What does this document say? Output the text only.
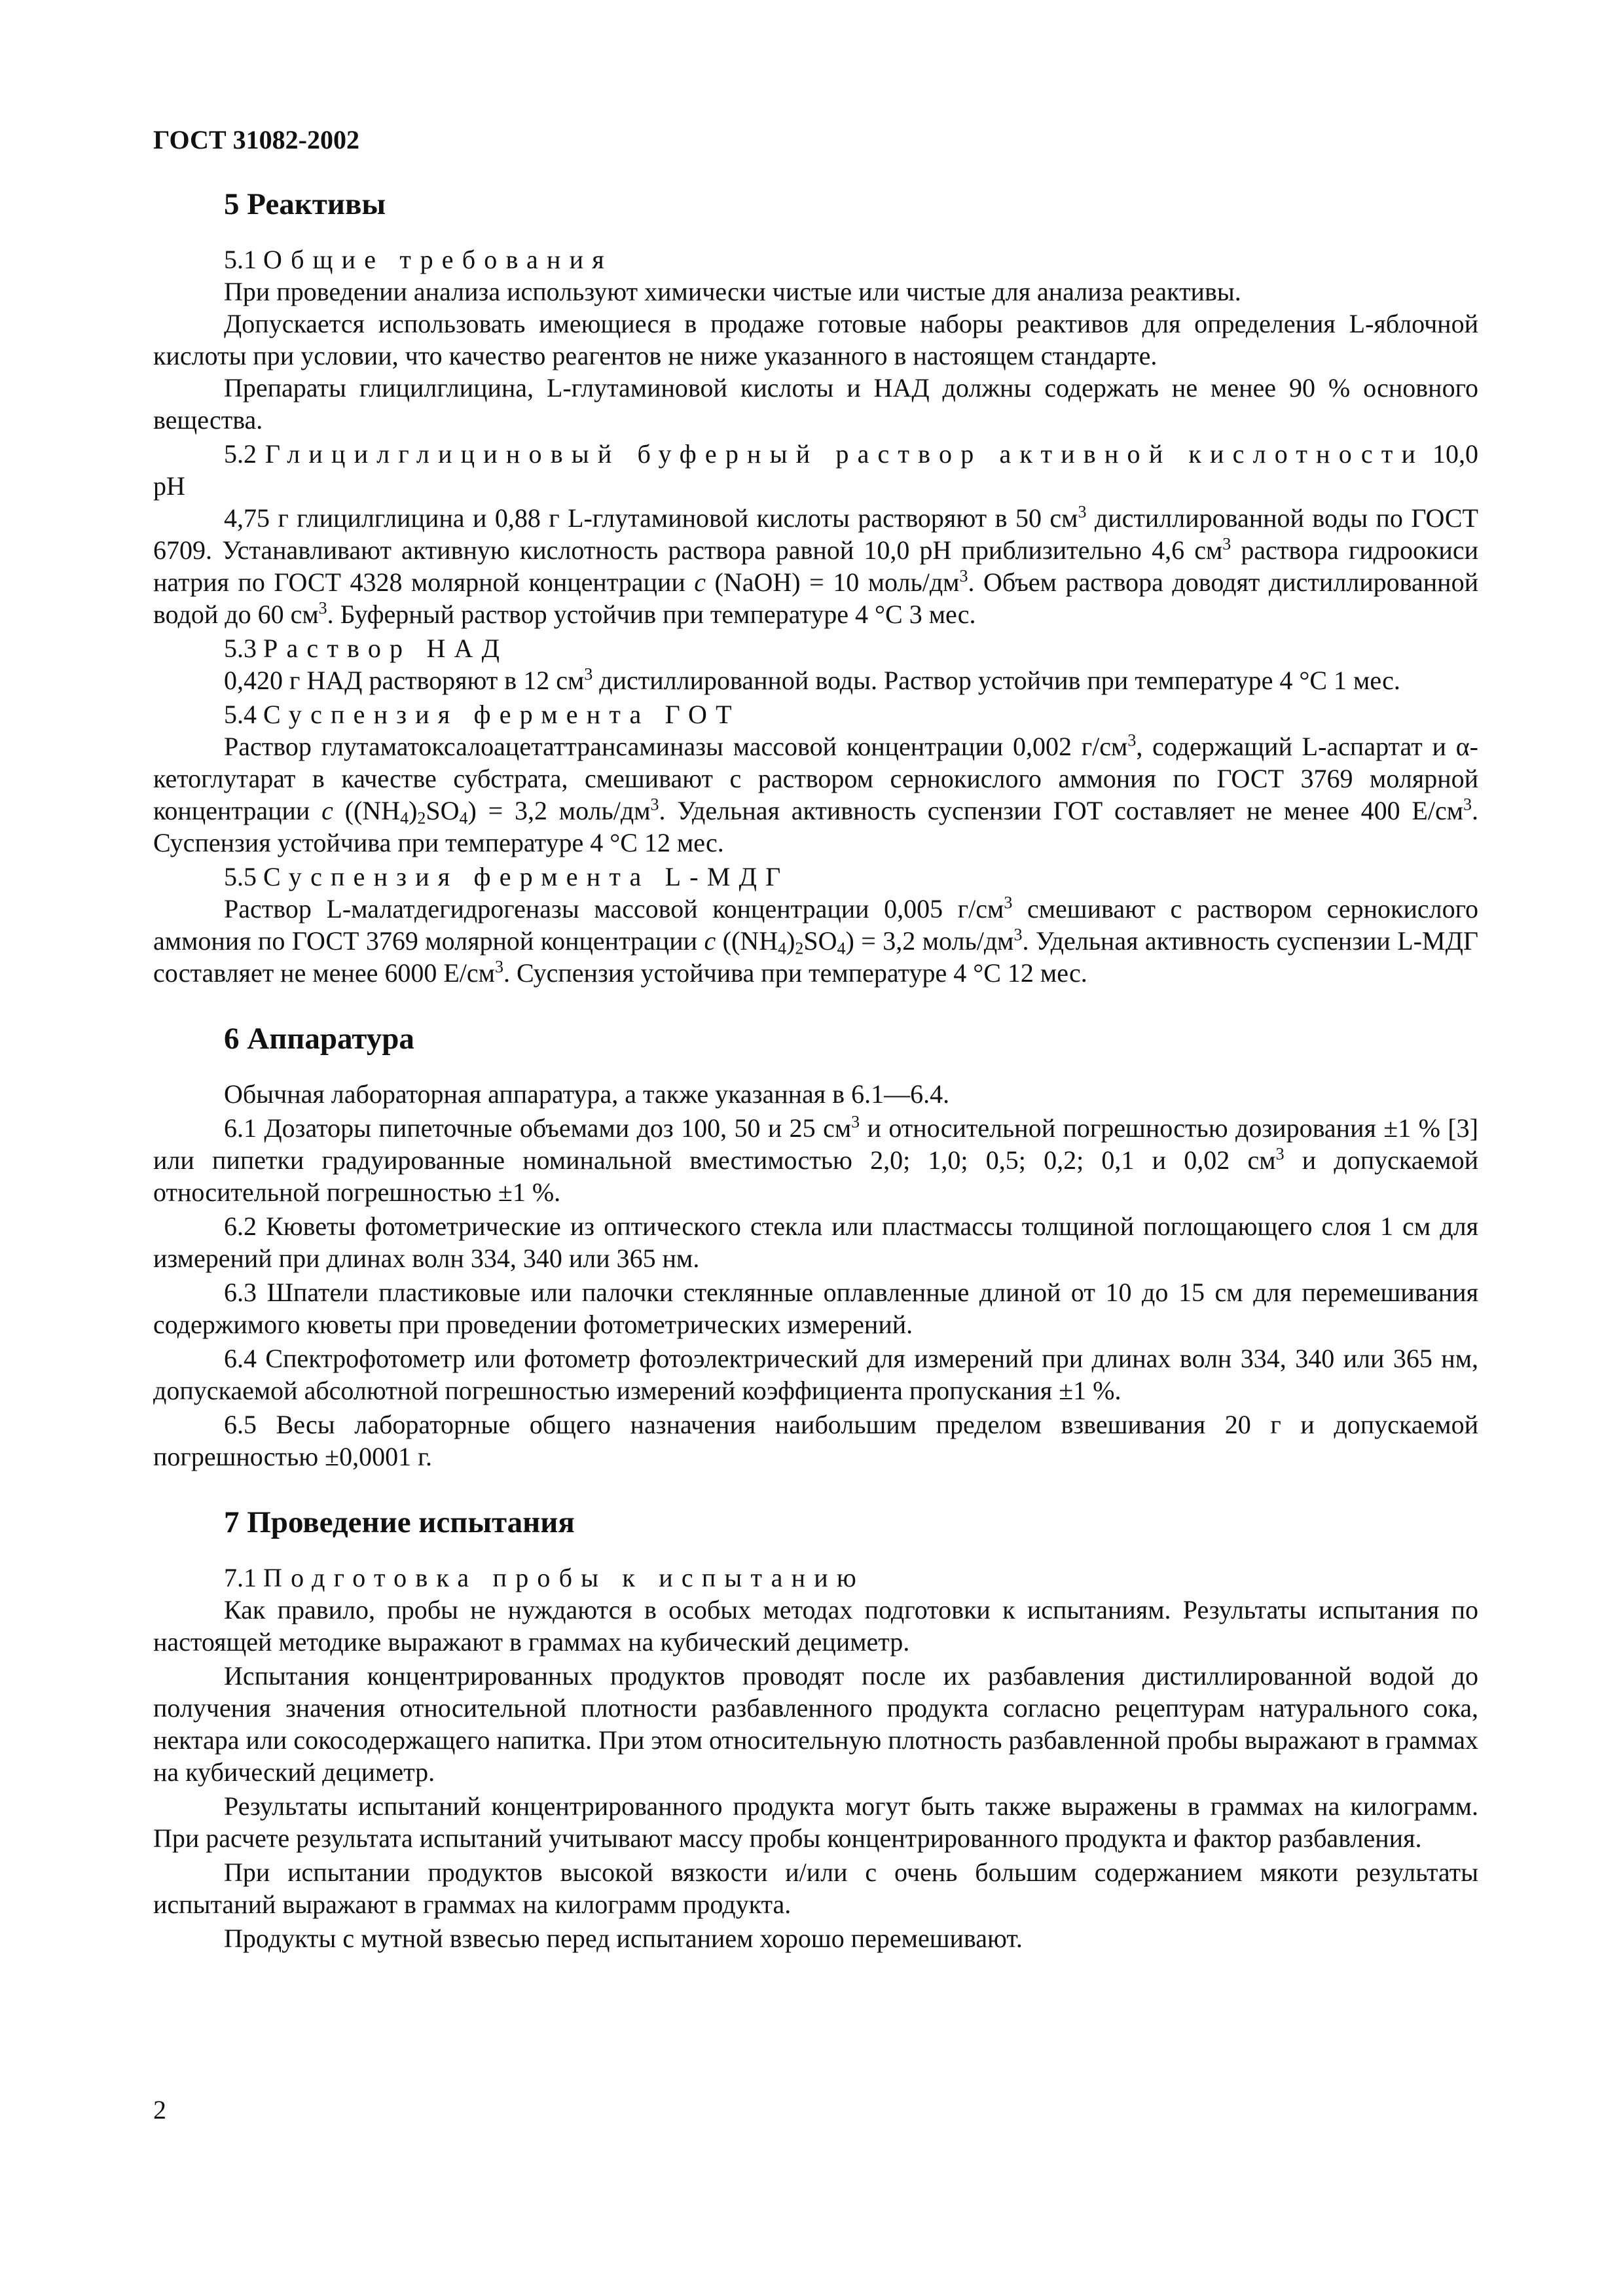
ГОСТ 31082-2002
5 Реактивы

5.1 Общие требования

При проведении анализа используют химически чистые или чистые для анализа реактивы.

Допускается использовать имеющиеся в продаже готовые наборы реактивов для определения L-яблочной кислоты при условии, что качество реагентов не ниже указанного в настоящем стандарте.

Препараты глицилглицина, L-глутаминовой кислоты и НАД должны содержать не менее 90 % основного вещества.

5.2 Глицилглициновый буферный раствор активной кислотности 10,0 pH

4,75 г глицилглицина и 0,88 г L-глутаминовой кислоты растворяют в 50 $см^3$ дистиллированной воды по ГОСТ 6709. Устанавливают активную кислотность раствора равной 10,0 pH приблизительно 4,6 $см^3$ раствора гидроокиси натрия по ГОСТ 4328 молярной концентрации c (NaOH) = 10 моль/$дм^3$. Объем раствора доводят дистиллированной водой до 60 $см^3$. Буферный раствор устойчив при температуре 4 °С 3 мес.

5.3 Раствор НАД

0,420 г НАД растворяют в 12 $см^3$ дистиллированной воды. Раствор устойчив при температуре 4 °С 1 мес.

5.4 Суспензия фермента ГОТ

Раствор глутаматоксалоацетаттрансаминазы массовой концентрации 0,002 $г/см^3$, содержащий L-аспартат и α-кетоглутарат в качестве субстрата, смешивают с раствором сернокислого аммония по ГОСТ 3769 молярной концентрации c $((NH_4)_2SO_4) = 3,2$ моль/$дм^3$. Удельная активность суспензии ГОТ составляет не менее 400 $Е/см^3$. Суспензия устойчива при температуре 4 °С 12 мес.

5.5 Суспензия фермента L-МДГ

Раствор L-малатдегидрогеназы массовой концентрации 0,005 $г/см^3$ смешивают с раствором сернокислого аммония по ГОСТ 3769 молярной концентрации c $((NH_4)_2SO_4) = 3,2$ моль/$дм^3$. Удельная активность суспензии L-МДГ составляет не менее 6000 $Е/см^3$. Суспензия устойчива при температуре 4 °С 12 мес.

6 Аппаратура

Обычная лабораторная аппаратура, а также указанная в 6.1—6.4.

6.1 Дозаторы пипеточные объемами доз 100, 50 и 25 $см^3$ и относительной погрешностью дозирования ±1 % [3] или пипетки градуированные номинальной вместимостью 2,0; 1,0; 0,5; 0,2; 0,1 и 0,02 $см^3$ и допускаемой относительной погрешностью ±1 %.

6.2 Кюветы фотометрические из оптического стекла или пластмассы толщиной поглощающего слоя 1 см для измерений при длинах волн 334, 340 или 365 нм.

6.3 Шпатели пластиковые или палочки стеклянные оплавленные длиной от 10 до 15 см для перемешивания содержимого кюветы при проведении фотометрических измерений.

6.4 Спектрофотометр или фотометр фотоэлектрический для измерений при длинах волн 334, 340 или 365 нм, допускаемой абсолютной погрешностью измерений коэффициента пропускания ±1 %.

6.5 Весы лабораторные общего назначения наибольшим пределом взвешивания 20 г и допускаемой погрешностью ±0,0001 г.

7 Проведение испытания

7.1 Подготовка пробы к испытанию

Как правило, пробы не нуждаются в особых методах подготовки к испытаниям. Результаты испытания по настоящей методике выражают в граммах на кубический дециметр.

Испытания концентрированных продуктов проводят после их разбавления дистиллированной водой до получения значения относительной плотности разбавленного продукта согласно рецептурам натурального сока, нектара или сокосодержащего напитка. При этом относительную плотность разбавленной пробы выражают в граммах на кубический дециметр.

Результаты испытаний концентрированного продукта могут быть также выражены в граммах на килограмм. При расчете результата испытаний учитывают массу пробы концентрированного продукта и фактор разбавления.

При испытании продуктов высокой вязкости и/или с очень большим содержанием мякоти результаты испытаний выражают в граммах на килограмм продукта.

Продукты с мутной взвесью перед испытанием хорошо перемешивают.

2
